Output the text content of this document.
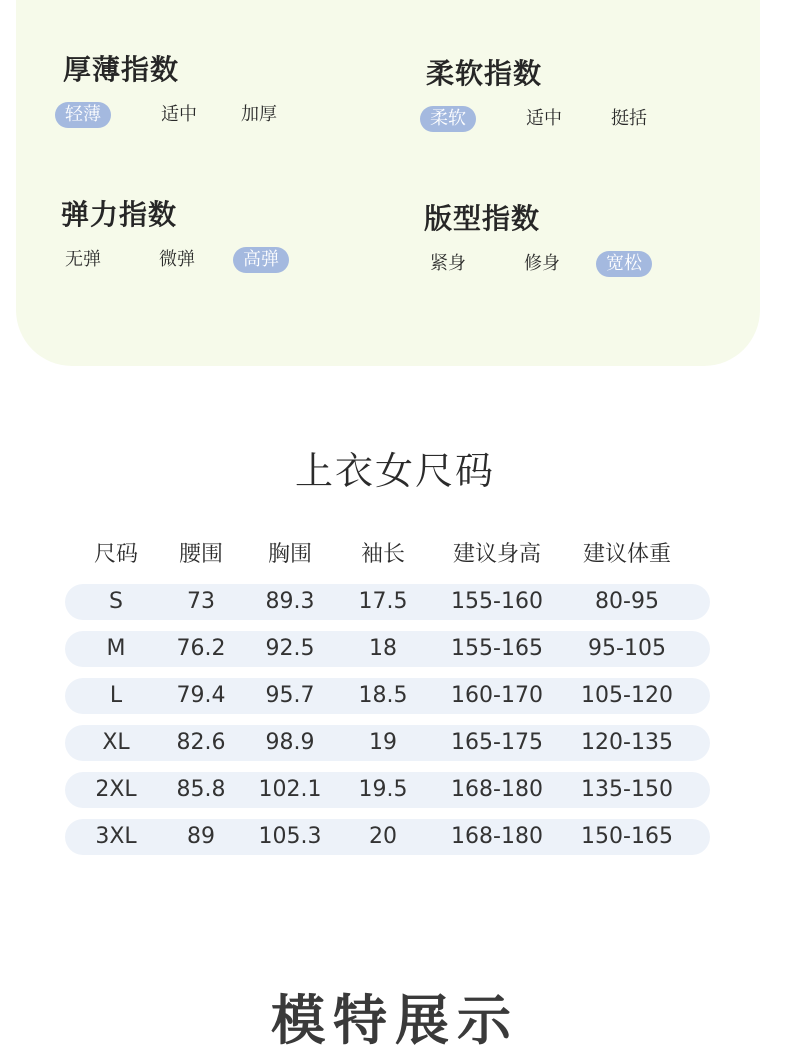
厚薄指数
轻薄	适中 加厚
柔软指数
柔软	适中	挺括
弹力指数
无弹	微弹	高弹
版型指数
紧身	修身	宽松
上衣女尺码
尺码 腰围 胸围 袖长 建议身高 建议体重
S	73 89.3 17.5 155-160 80-95
M 76.2 92.5 18 155-165 95-105
L 79.4 95.7 18.5 160-170 105-120
XL 82.6 98.9 19 165-175 120-135
2XL 85.8 102.1 19.5 168-180 135-150
3XL 89 105.3 20 168-180 150-165
模特展示
